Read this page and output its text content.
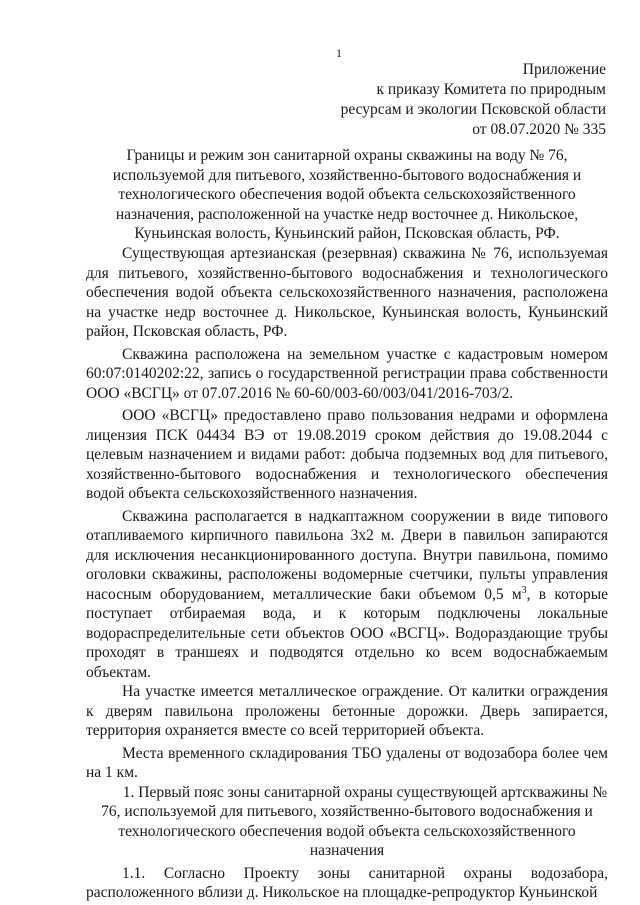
1
Приложение
к приказу Комитета по природным
ресурсам и экологии Псковской области
от 08.07.2020 № 335
Границы и режим зон санитарной охраны скважины на воду № 76, используемой для питьевого, хозяйственно-бытового водоснабжения и технологического обеспечения водой объекта сельскохозяйственного назначения, расположенной на участке недр восточнее д. Никольское, Куньинская волость, Куньинский район, Псковская область, РФ.

Существующая артезианская (резервная) скважина № 76, используемая для питьевого, хозяйственно-бытового водоснабжения и технологического обеспечения водой объекта сельскохозяйственного назначения, расположена на участке недр восточнее д. Никольское, Куньинская волость, Куньинский район, Псковская область, РФ.

Скважина расположена на земельном участке с кадастровым номером 60:07:0140202:22, запись о государственной регистрации права собственности ООО «ВСГЦ» от 07.07.2016 № 60-60/003-60/003/041/2016-703/2.

ООО «ВСГЦ» предоставлено право пользования недрами и оформлена лицензия ПСК 04434 ВЭ от 19.08.2019 сроком действия до 19.08.2044 с целевым назначением и видами работ: добыча подземных вод для питьевого, хозяйственно-бытового водоснабжения и технологического обеспечения водой объекта сельскохозяйственного назначения.

Скважина располагается в надкаптажном сооружении в виде типового отапливаемого кирпичного павильона 3х2 м. Двери в павильон запираются для исключения несанкционированного доступа. Внутри павильона, помимо оголовки скважины, расположены водомерные счетчики, пульты управления насосным оборудованием, металлические баки объемом 0,5 $м^3$, в которые поступает отбираемая вода, и к которым подключены локальные водораспределительные сети объектов ООО «ВСГЦ». Водораздающие трубы проходят в траншеях и подводятся отдельно ко всем водоснабжаемым объектам.

На участке имеется металлическое ограждение. От калитки ограждения к дверям павильона проложены бетонные дорожки. Дверь запирается, территория охраняется вместе со всей территорией объекта.

Места временного складирования ТБО удалены от водозабора более чем на 1 км.

1. Первый пояс зоны санитарной охраны существующей артскважины № 76, используемой для питьевого, хозяйственно-бытового водоснабжения и технологического обеспечения водой объекта сельскохозяйственного назначения

1.1. Согласно Проекту зоны санитарной охраны водозабора, расположенного вблизи д. Никольское на площадке-репродуктор Куньинской
